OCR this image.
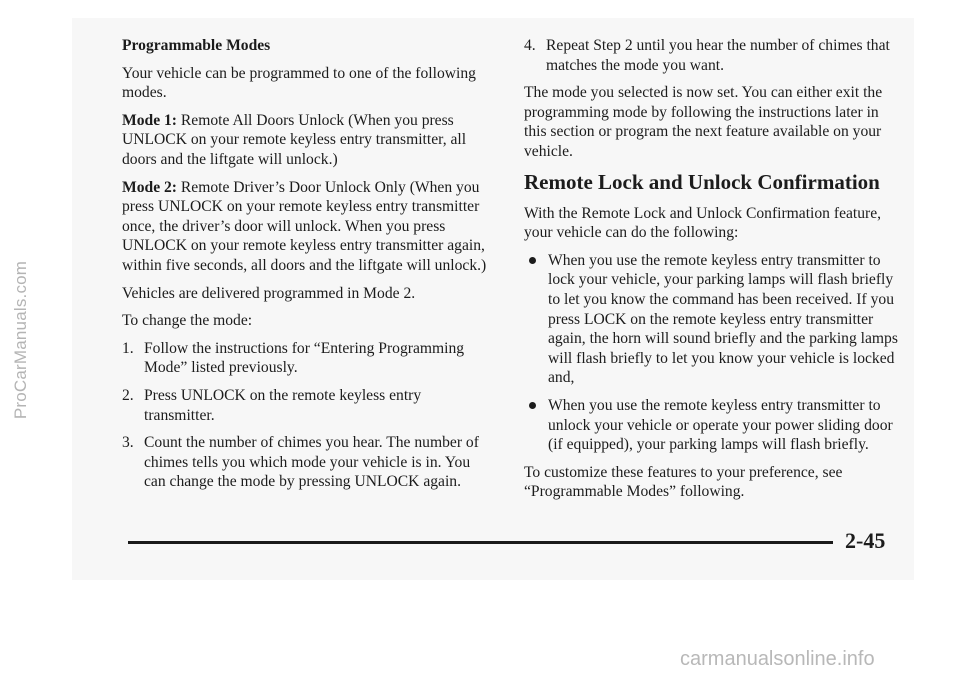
ProCarManuals.com

Programmable Modes

Your vehicle can be programmed to one of the following modes.

Mode 1: Remote All Doors Unlock (When you press UNLOCK on your remote keyless entry transmitter, all doors and the liftgate will unlock.)

Mode 2: Remote Driver’s Door Unlock Only (When you press UNLOCK on your remote keyless entry transmitter once, the driver’s door will unlock. When you press UNLOCK on your remote keyless entry transmitter again, within five seconds, all doors and the liftgate will unlock.)

Vehicles are delivered programmed in Mode 2.

To change the mode:

1. Follow the instructions for “Entering Programming Mode” listed previously.
2. Press UNLOCK on the remote keyless entry transmitter.
3. Count the number of chimes you hear. The number of chimes tells you which mode your vehicle is in. You can change the mode by pressing UNLOCK again.
4. Repeat Step 2 until you hear the number of chimes that matches the mode you want.

The mode you selected is now set. You can either exit the programming mode by following the instructions later in this section or program the next feature available on your vehicle.

Remote Lock and Unlock Confirmation

With the Remote Lock and Unlock Confirmation feature, your vehicle can do the following:

When you use the remote keyless entry transmitter to lock your vehicle, your parking lamps will flash briefly to let you know the command has been received. If you press LOCK on the remote keyless entry transmitter again, the horn will sound briefly and the parking lamps will flash briefly to let you know your vehicle is locked and,
When you use the remote keyless entry transmitter to unlock your vehicle or operate your power sliding door (if equipped), your parking lamps will flash briefly.

To customize these features to your preference, see “Programmable Modes” following.

2-45
carmanualsonline.info
